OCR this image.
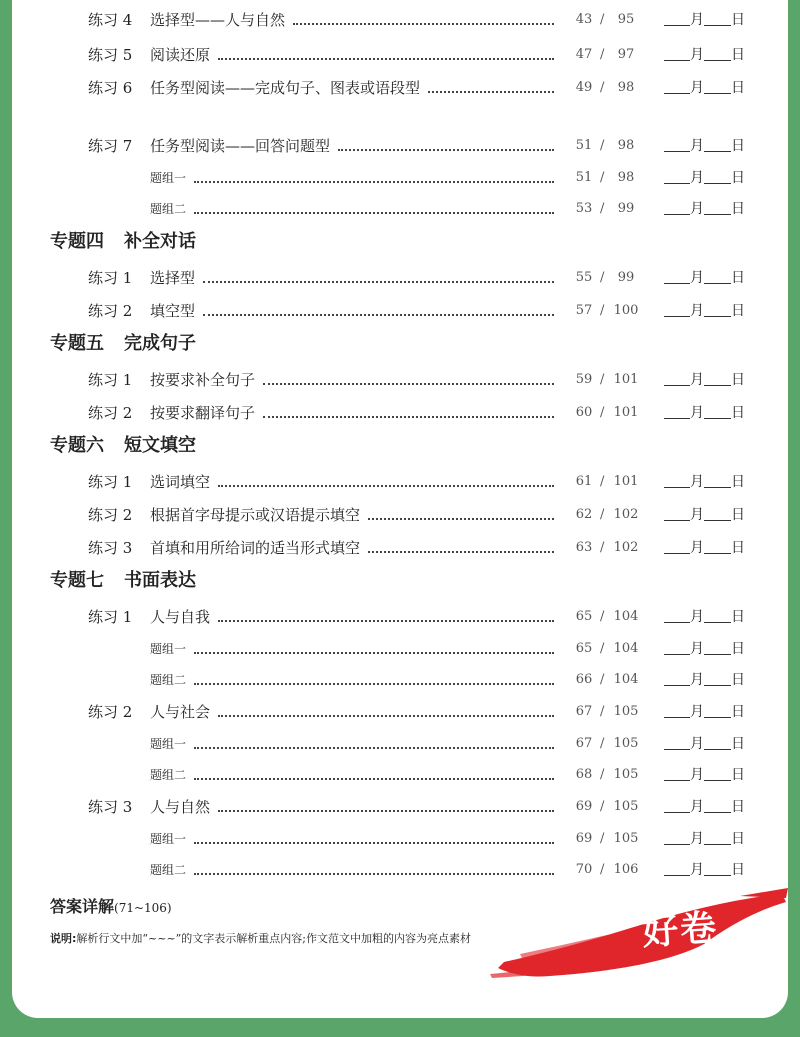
好卷
答案详解(71~106)
说明:解析行文中加“~~~”的文字表示解析重点内容;作文范文中加粗的内容为亮点素材
练习 4 选择型——人与自然	43 /	95	月 日
练习 5 阅读还原	47 /	97	月 日
练习 6 任务型阅读——完成句子、图表或语段型	49 /	98	月 日
练习 7 任务型阅读——回答问题型	51 /	98	月 日
题组一	51 /	98	月 日
题组二	53 /	99	月 日
专题四 补全对话
练习 1 选择型	55 /	99	月 日
练习 2 填空型	57 / 100	月 日
专题五 完成句子
练习 1 按要求补全句子	59 / 101	月 日
练习 2 按要求翻译句子	60 / 101	月 日
专题六 短文填空
练习 1 选词填空	61 / 101	月 日
练习 2 根据首字母提示或汉语提示填空	62 / 102	月 日
练习 3 首填和用所给词的适当形式填空	63 / 102	月 日
专题七 书面表达
练习 1 人与自我	65 / 104	月 日
题组一	65 / 104	月 日
题组二	66 / 104	月 日
练习 2 人与社会	67 / 105	月 日
题组一	67 / 105	月 日
题组二	68 / 105	月 日
练习 3 人与自然	69 / 105	月 日
题组一	69 / 105	月 日
题组二	70 / 106	月 日
